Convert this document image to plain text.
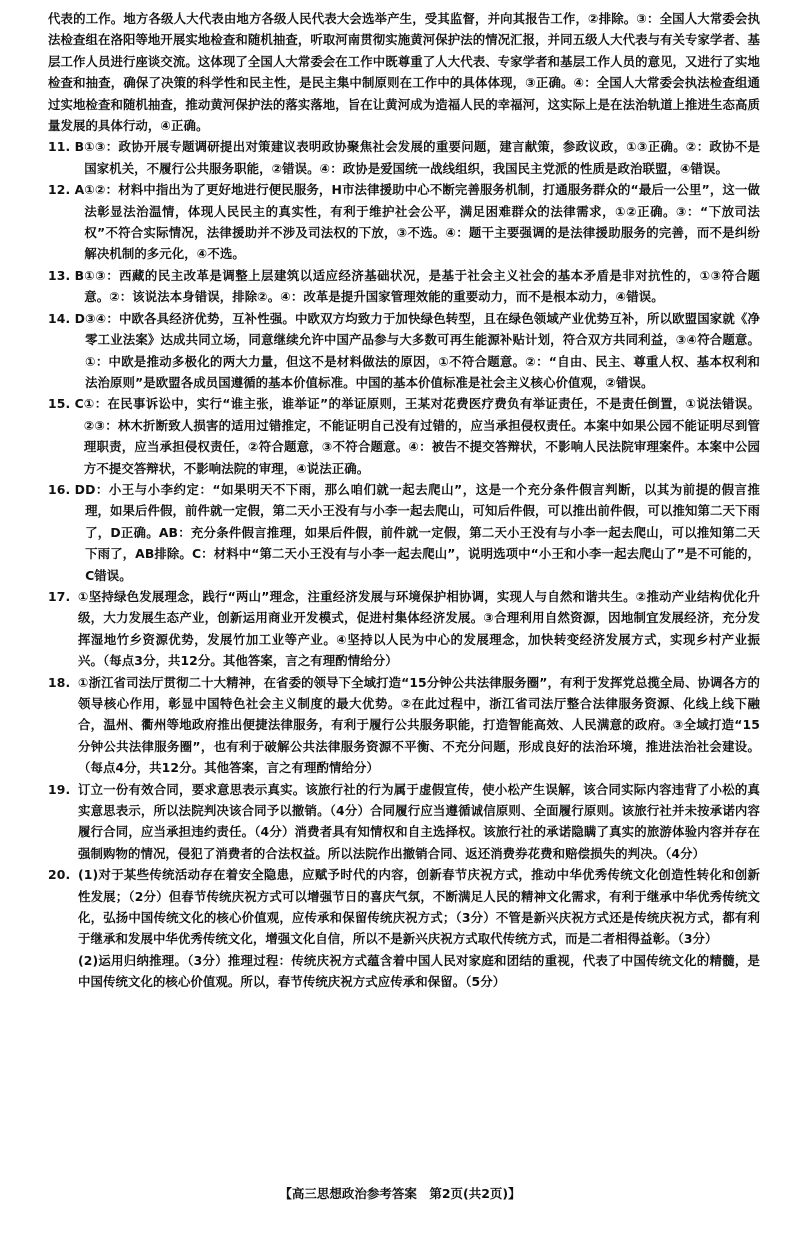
代表的工作。地方各级人大代表由地方各级人民代表大会选举产生，受其监督，并向其报告工作，②排除。③：全国人大常委会执法检查组在洛阳等地开展实地检查和随机抽查，听取河南贯彻实施黄河保护法的情况汇报，并同五级人大代表与有关专家学者、基层工作人员进行座谈交流。这体现了全国人大常委会在工作中既尊重了人大代表、专家学者和基层工作人员的意见，又进行了实地检查和抽查，确保了决策的科学性和民主性，是民主集中制原则在工作中的具体体现，③正确。④：全国人大常委会执法检查组通过实地检查和随机抽查，推动黄河保护法的落实落地，旨在让黄河成为造福人民的幸福河，这实际上是在法治轨道上推进生态高质量发展的具体行动，④正确。

11. B ①③：政协开展专题调研提出对策建议表明政协聚焦社会发展的重要问题，建言献策，参政议政，①③正确。②：政协不是国家机关，不履行公共服务职能，②错误。④：政协是爱国统一战线组织，我国民主党派的性质是政治联盟，④错误。

12. A ①②：材料中指出为了更好地进行便民服务，H市法律援助中心不断完善服务机制，打通服务群众的“最后一公里”，这一做法彰显法治温情，体现人民民主的真实性，有利于维护社会公平，满足困难群众的法律需求，①②正确。③：“下放司法权”不符合实际情况，法律援助并不涉及司法权的下放，③不选。④：题干主要强调的是法律援助服务的完善，而不是纠纷解决机制的多元化，④不选。

13. B ①③：西藏的民主改革是调整上层建筑以适应经济基础状况，是基于社会主义社会的基本矛盾是非对抗性的，①③符合题意。②：该说法本身错误，排除②。④：改革是提升国家管理效能的重要动力，而不是根本动力，④错误。

14. D ③④：中欧各具经济优势，互补性强。中欧双方均致力于加快绿色转型，且在绿色领域产业优势互补，所以欧盟国家就《净零工业法案》达成共同立场，同意继续允许中国产品参与大多数可再生能源补贴计划，符合双方共同利益，③④符合题意。①：中欧是推动多极化的两大力量，但这不是材料做法的原因，①不符合题意。②：“自由、民主、尊重人权、基本权利和法治原则”是欧盟各成员国遵循的基本价值标准。中国的基本价值标准是社会主义核心价值观，②错误。

15. C ①：在民事诉讼中，实行“谁主张，谁举证”的举证原则，王某对花费医疗费负有举证责任，不是责任倒置，①说法错误。②③：林木折断致人损害的适用过错推定，不能证明自己没有过错的，应当承担侵权责任。本案中如果公园不能证明尽到管理职责，应当承担侵权责任，②符合题意，③不符合题意。④：被告不提交答辩状，不影响人民法院审理案件。本案中公园方不提交答辩状，不影响法院的审理，④说法正确。

16. D D：小王与小李约定：“如果明天不下雨，那么咱们就一起去爬山”，这是一个充分条件假言判断，以其为前提的假言推理，如果后件假，前件就一定假，第二天小王没有与小李一起去爬山，可知后件假，可以推出前件假，可以推知第二天下雨了，D正确。AB：充分条件假言推理，如果后件假，前件就一定假，第二天小王没有与小李一起去爬山，可以推知第二天下雨了，AB排除。C：材料中“第二天小王没有与小李一起去爬山”，说明选项中“小王和小李一起去爬山了”是不可能的，C错误。

17. ①坚持绿色发展理念，践行“两山”理念，注重经济发展与环境保护相协调，实现人与自然和谐共生。②推动产业结构优化升级，大力发展生态产业，创新运用商业开发模式，促进村集体经济发展。③合理利用自然资源，因地制宜发展经济，充分发挥湿地竹乡资源优势，发展竹加工业等产业。④坚持以人民为中心的发展理念，加快转变经济发展方式，实现乡村产业振兴。（每点3分，共12分。其他答案，言之有理酌情给分）

18. ①浙江省司法厅贯彻二十大精神，在省委的领导下全域打造“15分钟公共法律服务圈”，有利于发挥党总揽全局、协调各方的领导核心作用，彰显中国特色社会主义制度的最大优势。②在此过程中，浙江省司法厅整合法律服务资源、化线上线下融合，温州、衢州等地政府推出便捷法律服务，有利于履行公共服务职能，打造智能高效、人民满意的政府。③全域打造“15分钟公共法律服务圈”，也有利于破解公共法律服务资源不平衡、不充分问题，形成良好的法治环境，推进法治社会建设。（每点4分，共12分。其他答案，言之有理酌情给分）

19. 订立一份有效合同，要求意思表示真实。该旅行社的行为属于虚假宣传，使小松产生误解，该合同实际内容违背了小松的真实意思表示，所以法院判决该合同予以撤销。（4分）合同履行应当遵循诚信原则、全面履行原则。该旅行社并未按承诺内容履行合同，应当承担违约责任。（4分）消费者具有知情权和自主选择权。该旅行社的承诺隐瞒了真实的旅游体验内容并存在强制购物的情况，侵犯了消费者的合法权益。所以法院作出撤销合同、返还消费券花费和赔偿损失的判决。（4分）

20. (1)对于某些传统活动存在着安全隐患，应赋予时代的内容，创新春节庆祝方式，推动中华优秀传统文化创造性转化和创新性发展；（2分）但春节传统庆祝方式可以增强节日的喜庆气氛，不断满足人民的精神文化需求，有利于继承中华优秀传统文化，弘扬中国传统文化的核心价值观，应传承和保留传统庆祝方式；（3分）不管是新兴庆祝方式还是传统庆祝方式，都有利于继承和发展中华优秀传统文化，增强文化自信，所以不是新兴庆祝方式取代传统方式，而是二者相得益彰。（3分）

(2)运用归纳推理。（3分）推理过程：传统庆祝方式蕴含着中国人民对家庭和团结的重视，代表了中国传统文化的精髓，是中国传统文化的核心价值观。所以，春节传统庆祝方式应传承和保留。（5分）

【高三思想政治参考答案　第2页(共2页)】
